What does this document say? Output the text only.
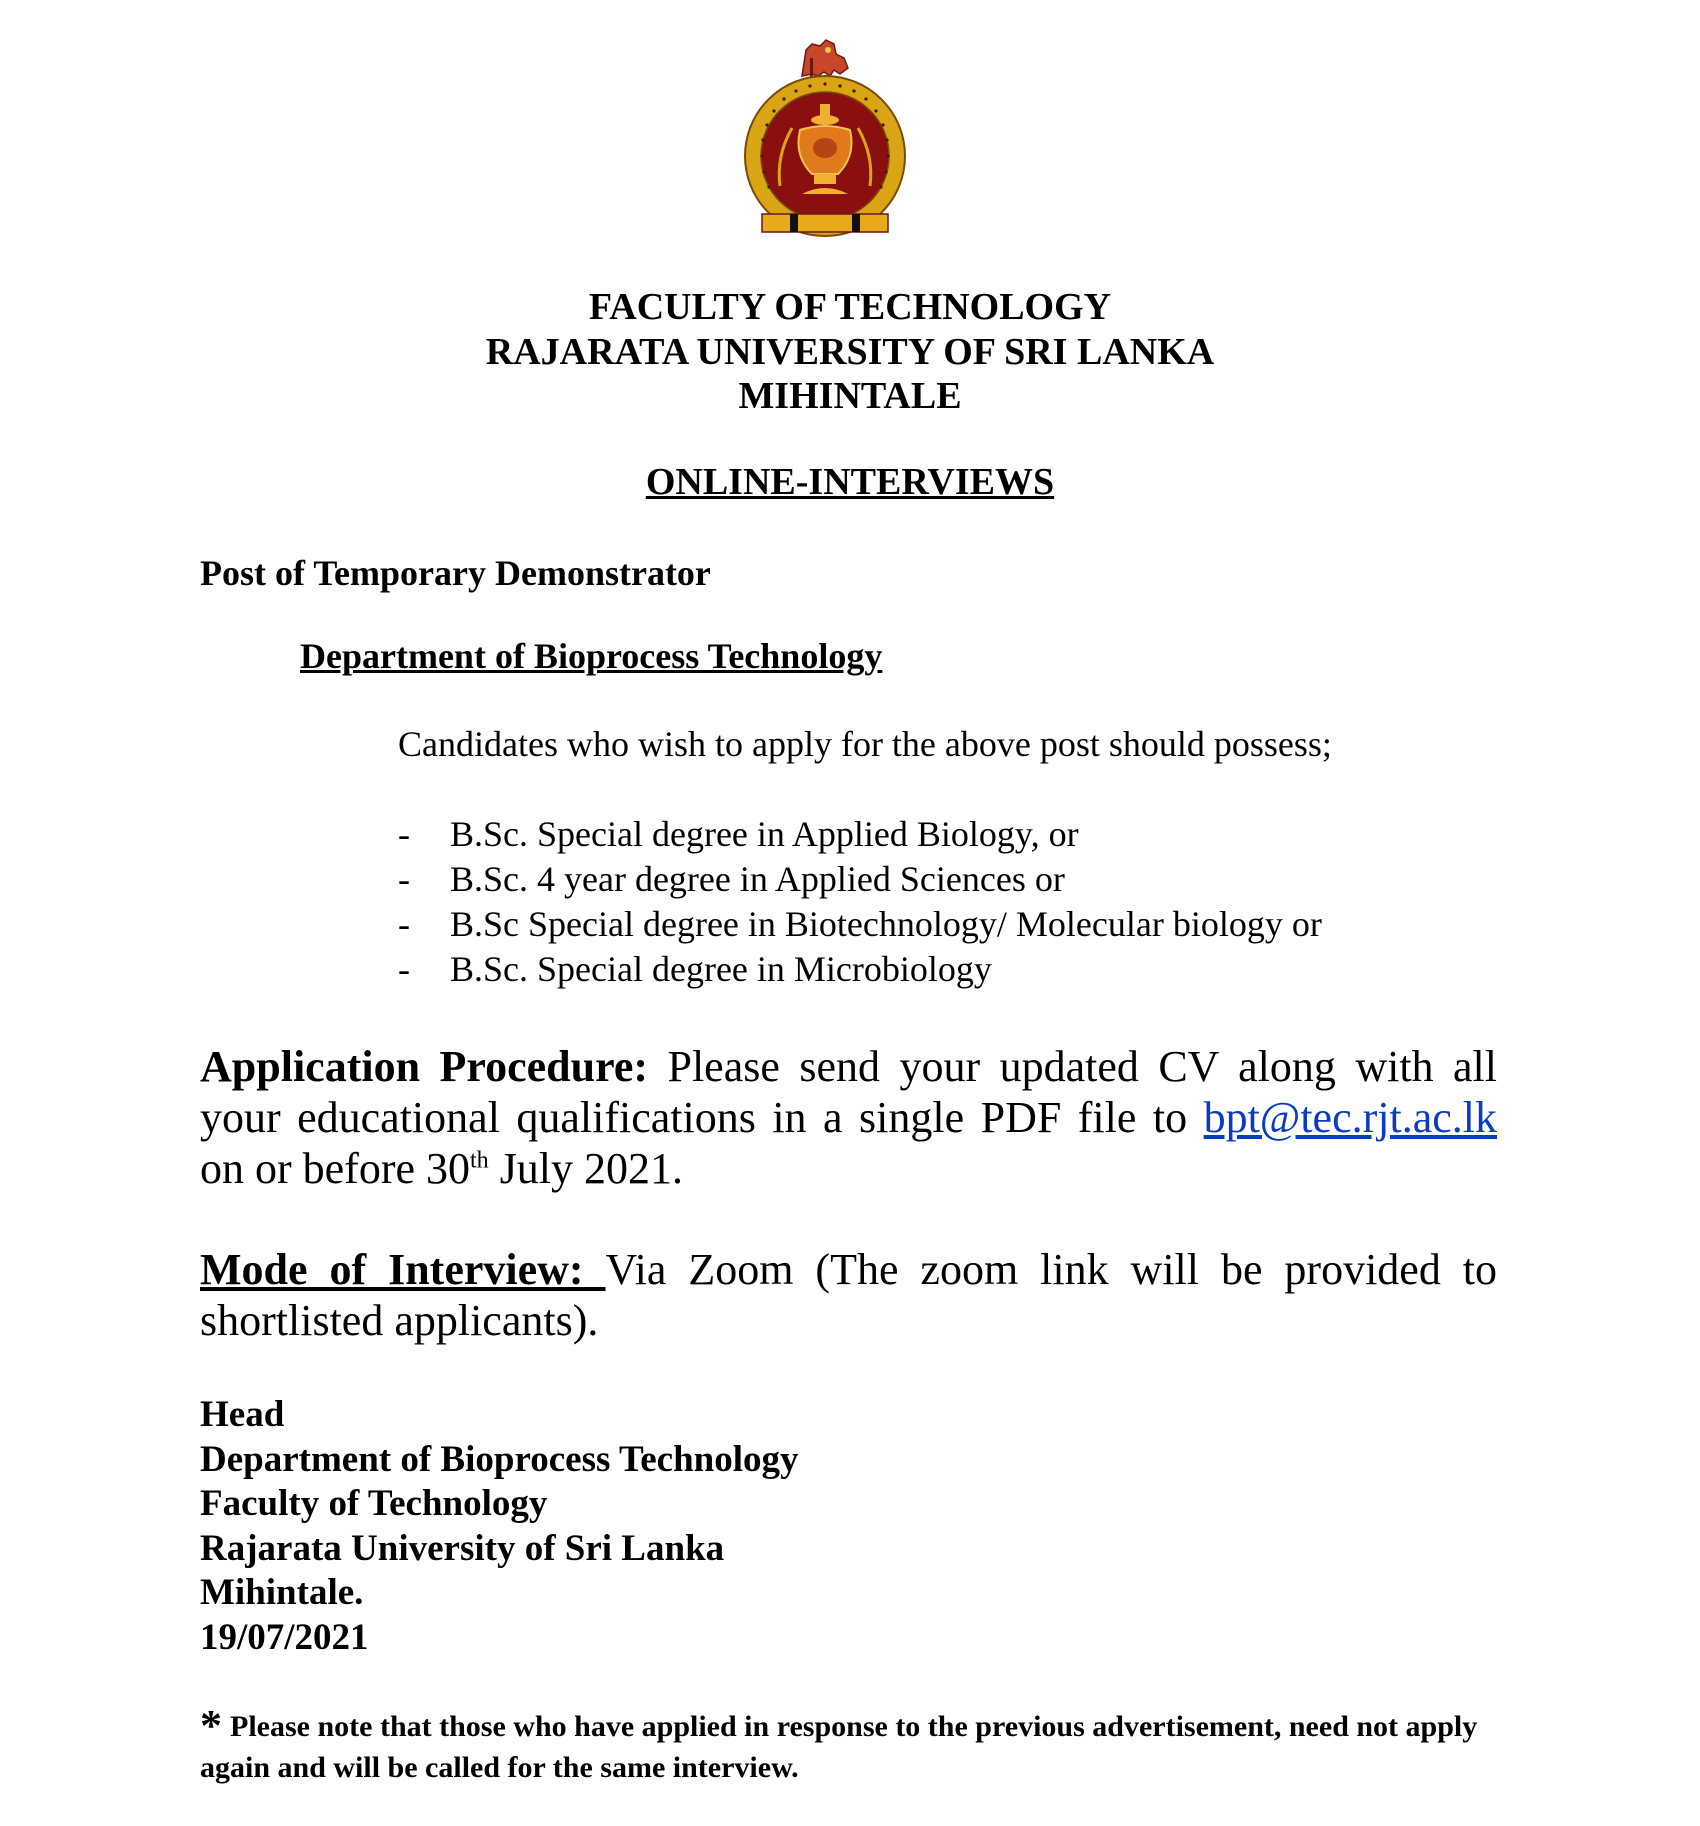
FACULTY OF TECHNOLOGY
RAJARATA UNIVERSITY OF SRI LANKA
MIHINTALE
ONLINE-INTERVIEWS
Post of Temporary Demonstrator
Department of Bioprocess Technology
Candidates who wish to apply for the above post should possess;
- B.Sc. Special degree in Applied Biology, or
- B.Sc. 4 year degree in Applied Sciences or
- B.Sc Special degree in Biotechnology/ Molecular biology or
- B.Sc. Special degree in Microbiology
Application Procedure: Please send your updated CV along with all your educational qualifications in a single PDF file to bpt@tec.rjt.ac.lk on or before 30th July 2021.
Mode of Interview: Via Zoom (The zoom link will be provided to shortlisted applicants).
Head
Department of Bioprocess Technology
Faculty of Technology
Rajarata University of Sri Lanka
Mihintale.
19/07/2021
* Please note that those who have applied in response to the previous advertisement, need not apply again and will be called for the same interview.
